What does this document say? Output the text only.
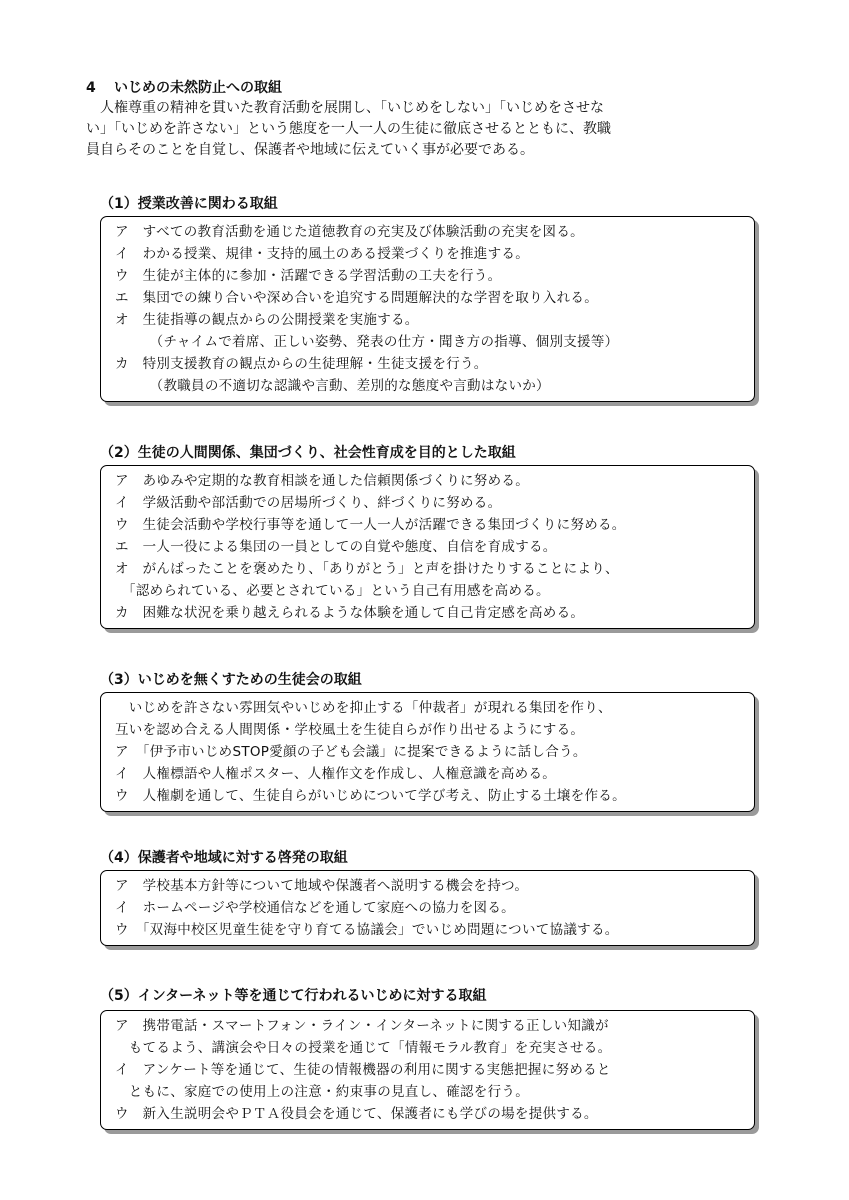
4 いじめの未然防止への取組

　人権尊重の精神を貫いた教育活動を展開し、「いじめをしない」「いじめをさせな
い」「いじめを許さない」という態度を一人一人の生徒に徹底させるとともに、教職
員自らそのことを自覚し、保護者や地域に伝えていく事が必要である。

（1）授業改善に関わる取組
ア　すべての教育活動を通じた道徳教育の充実及び体験活動の充実を図る。
イ　わかる授業、規律・支持的風土のある授業づくりを推進する。
ウ　生徒が主体的に参加・活躍できる学習活動の工夫を行う。
エ　集団での練り合いや深め合いを追究する問題解決的な学習を取り入れる。
オ　生徒指導の観点からの公開授業を実施する。
　　　（チャイムで着席、正しい姿勢、発表の仕方・聞き方の指導、個別支援等）
カ　特別支援教育の観点からの生徒理解・生徒支援を行う。
　　　（教職員の不適切な認識や言動、差別的な態度や言動はないか）
（2）生徒の人間関係、集団づくり、社会性育成を目的とした取組
ア　あゆみや定期的な教育相談を通した信頼関係づくりに努める。
イ　学級活動や部活動での居場所づくり、絆づくりに努める。
ウ　生徒会活動や学校行事等を通して一人一人が活躍できる集団づくりに努める。
エ　一人一役による集団の一員としての自覚や態度、自信を育成する。
オ　がんばったことを褒めたり、「ありがとう」と声を掛けたりすることにより、
　「認められている、必要とされている」という自己有用感を高める。
カ　困難な状況を乗り越えられるような体験を通して自己肯定感を高める。
（3）いじめを無くすための生徒会の取組
　いじめを許さない雰囲気やいじめを抑止する「仲裁者」が現れる集団を作り、
互いを認め合える人間関係・学校風土を生徒自らが作り出せるようにする。
ア　「伊予市いじめSTOP愛顔の子ども会議」に提案できるように話し合う。
イ　人権標語や人権ポスター、人権作文を作成し、人権意識を高める。
ウ　人権劇を通して、生徒自らがいじめについて学び考え、防止する土壌を作る。
（4）保護者や地域に対する啓発の取組
ア　学校基本方針等について地域や保護者へ説明する機会を持つ。
イ　ホームページや学校通信などを通して家庭への協力を図る。
ウ　「双海中校区児童生徒を守り育てる協議会」でいじめ問題について協議する。
（5）インターネット等を通じて行われるいじめに対する取組
ア　携帯電話・スマートフォン・ライン・インターネットに関する正しい知識が
　もてるよう、講演会や日々の授業を通じて「情報モラル教育」を充実させる。
イ　アンケート等を通じて、生徒の情報機器の利用に関する実態把握に努めると
　ともに、家庭での使用上の注意・約束事の見直し、確認を行う。
ウ　新入生説明会やＰＴＡ役員会を通じて、保護者にも学びの場を提供する。
